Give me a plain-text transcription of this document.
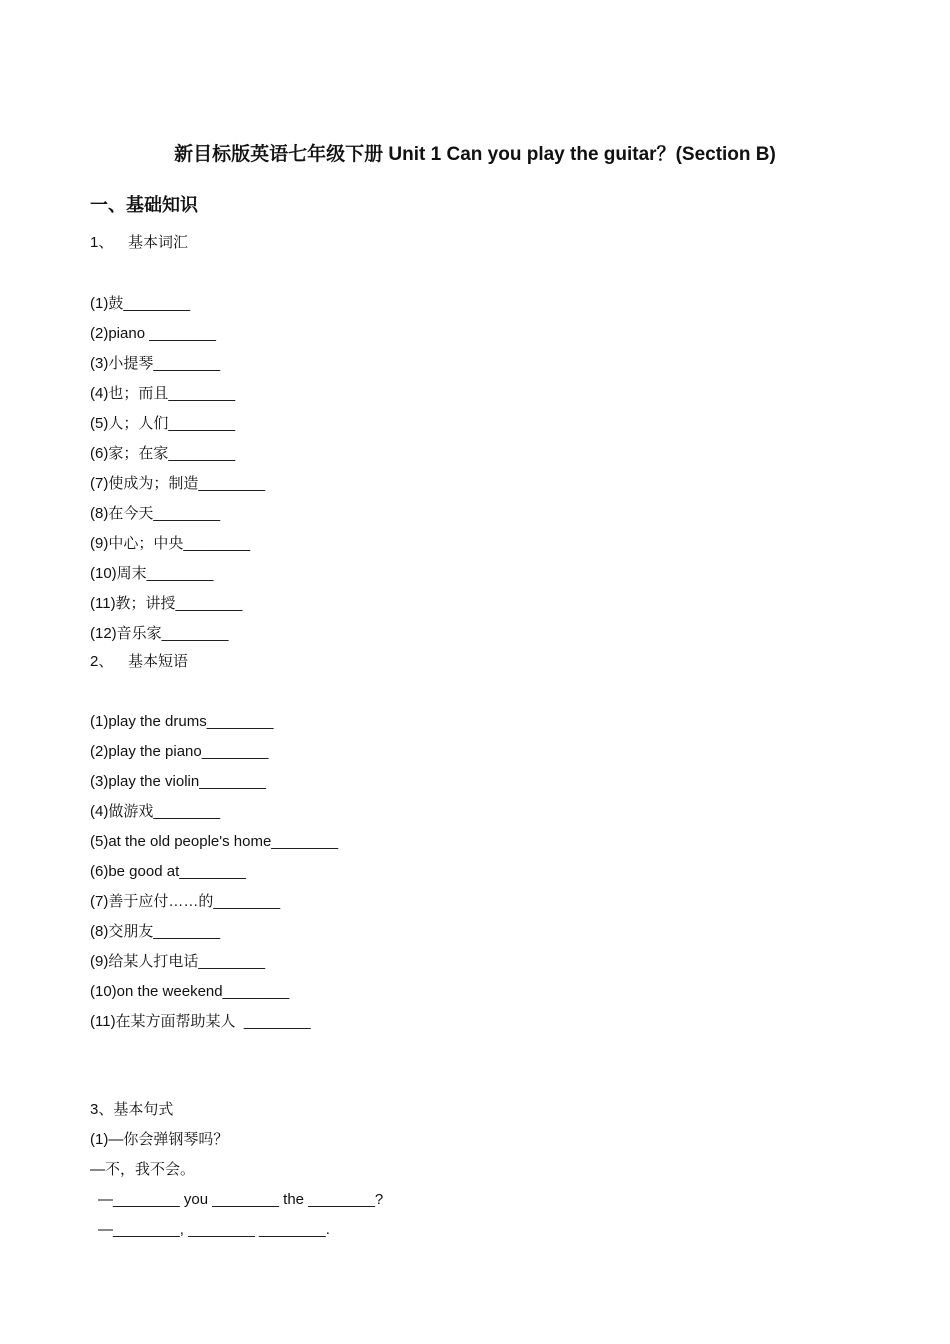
新目标版英语七年级下册 Unit 1 Can you play the guitar？(Section B)
一、基础知识
1、 基本词汇
(1)鼓________
(2)piano ________
(3)小提琴________
(4)也；而且________
(5)人；人们________
(6)家；在家________
(7)使成为；制造________
(8)在今天________
(9)中心；中央________
(10)周末________
(11)教；讲授________
(12)音乐家________
2、 基本短语
(1)play the drums________
(2)play the piano________
(3)play the violin________
(4)做游戏________
(5)at the old people's home________
(6)be good at________
(7)善于应付……的________
(8)交朋友________
(9)给某人打电话________
(10)on the weekend________
(11)在某方面帮助某人  ________
3、基本句式
(1)—你会弹钢琴吗？
—不，我不会。
—________ you ________ the ________?
—________, ________ ________.
